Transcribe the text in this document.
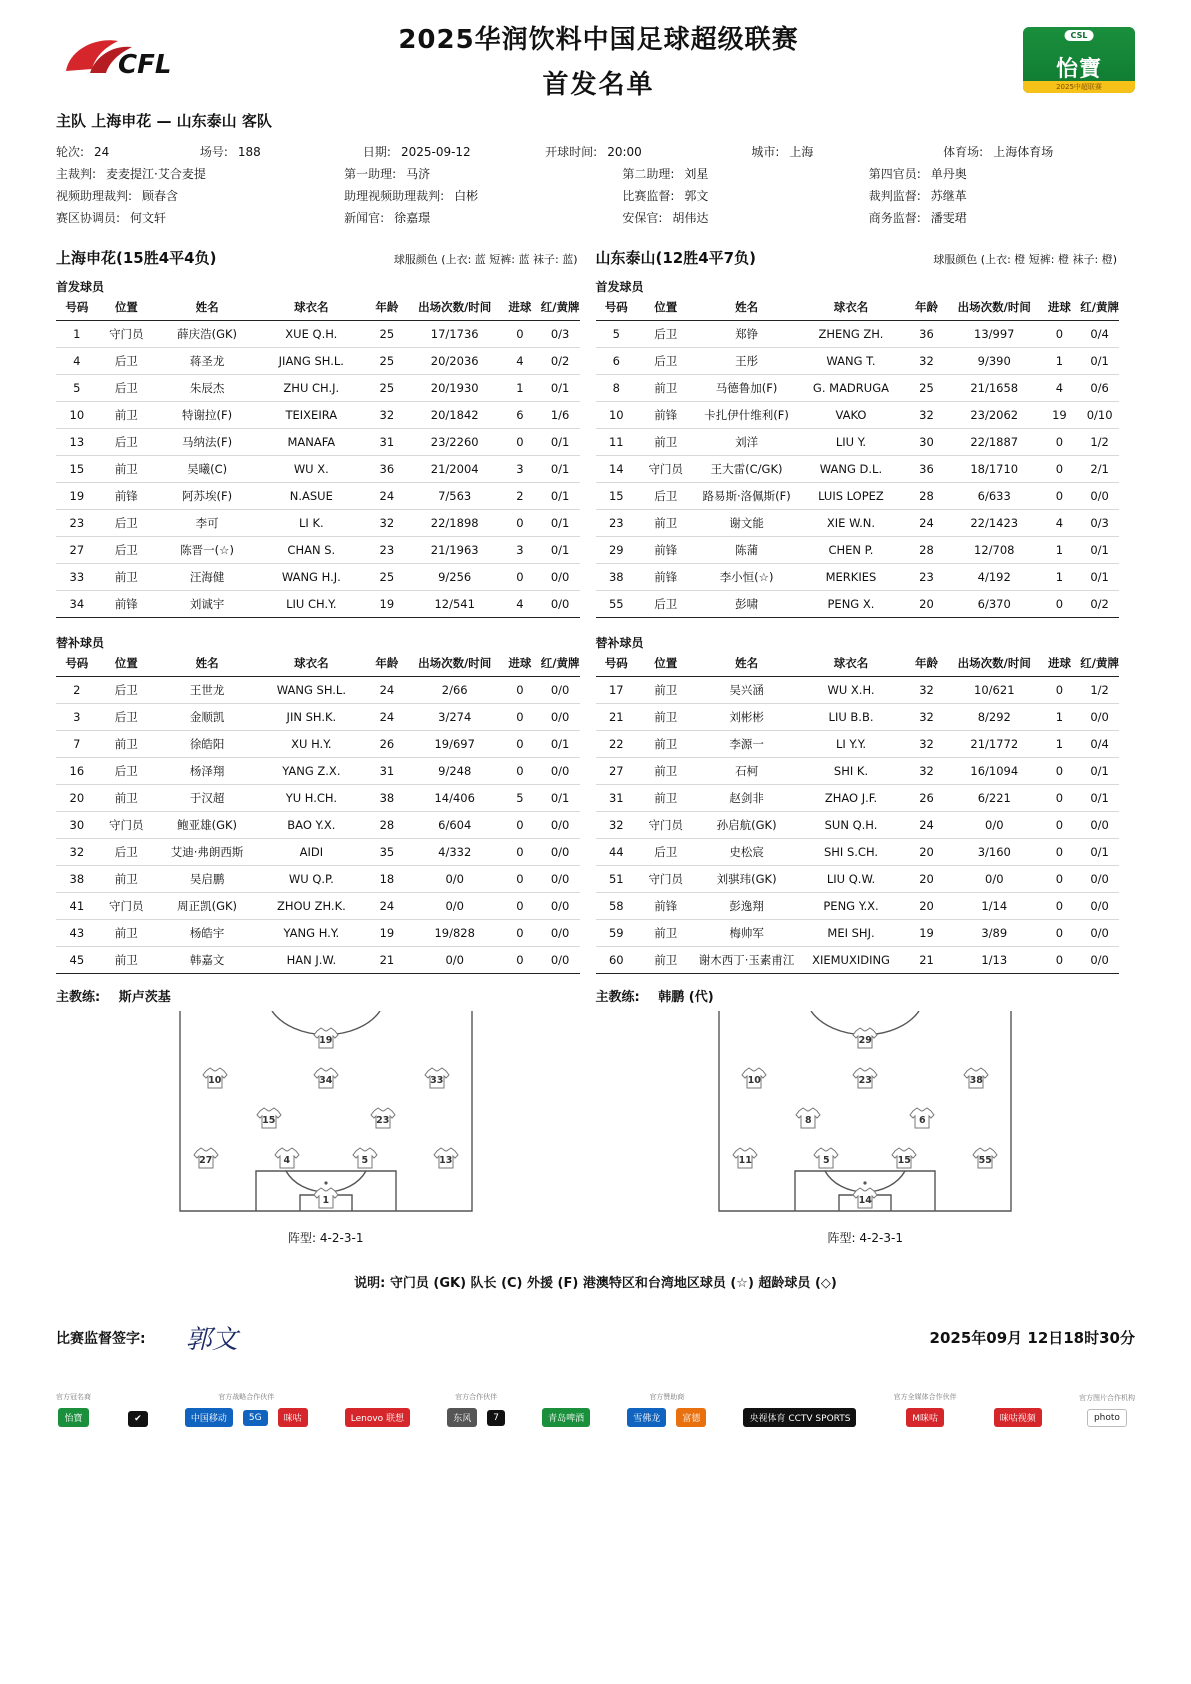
CFL
2025华润饮料中国足球超级联赛
首发名单
CSL
怡寶
2025中超联赛
主队 上海申花 — 山东泰山 客队
轮次: 24	场号: 188	日期: 2025-09-12	开球时间: 20:00	城市: 上海	体育场: 上海体育场
主裁判: 麦麦提江·艾合麦提	第一助理: 马济	第二助理: 刘星	第四官员: 单丹奥
视频助理裁判: 顾春含	助理视频助理裁判: 白彬	比赛监督: 郭文	裁判监督: 苏继革
赛区协调员: 何文轩	新闻官: 徐嘉璟	安保官: 胡伟达	商务监督: 潘雯珺
上海申花 (15胜4平4负)	球服颜色 (上衣: 蓝 短裤: 蓝 袜子: 蓝)	山东泰山 (12胜4平7负)	球服颜色 (上衣: 橙 短裤: 橙 袜子: 橙)
首发球员	首发球员
号码	位置	姓名	球衣名	年龄	出场次数/时间	进球	红/黄牌
1	守门员	薛庆浩(GK)	XUE Q.H.	25	17/1736	0	0/3
4	后卫	蒋圣龙	JIANG SH.L.	25	20/2036	4	0/2
5	后卫	朱辰杰	ZHU CH.J.	25	20/1930	1	0/1
10	前卫	特谢拉(F)	TEIXEIRA	32	20/1842	6	1/6
13	后卫	马纳法(F)	MANAFA	31	23/2260	0	0/1
15	前卫	吴曦(C)	WU X.	36	21/2004	3	0/1
19	前锋	阿苏埃(F)	N.ASUE	24	7/563	2	0/1
23	后卫	李可	LI K.	32	22/1898	0	0/1
27	后卫	陈晋一(☆)	CHAN S.	23	21/1963	3	0/1
33	前卫	汪海健	WANG H.J.	25	9/256	0	0/0
34	前锋	刘诚宇	LIU CH.Y.	19	12/541	4	0/0
号码	位置	姓名	球衣名	年龄	出场次数/时间	进球	红/黄牌
5	后卫	郑铮	ZHENG ZH.	36	13/997	0	0/4
6	后卫	王彤	WANG T.	32	9/390	1	0/1
8	前卫	马德鲁加(F)	G. MADRUGA	25	21/1658	4	0/6
10	前锋	卡扎伊什维利(F)	VAKO	32	23/2062	19	0/10
11	前卫	刘洋	LIU Y.	30	22/1887	0	1/2
14	守门员	王大雷(C/GK)	WANG D.L.	36	18/1710	0	2/1
15	后卫	路易斯·洛佩斯(F)	LUIS LOPEZ	28	6/633	0	0/0
23	前卫	谢文能	XIE W.N.	24	22/1423	4	0/3
29	前锋	陈蒲	CHEN P.	28	12/708	1	0/1
38	前锋	李小恒(☆)	MERKIES	23	4/192	1	0/1
55	后卫	彭啸	PENG X.	20	6/370	0	0/2
替补球员	替补球员
号码	位置	姓名	球衣名	年龄	出场次数/时间	进球	红/黄牌
2	后卫	王世龙	WANG SH.L.	24	2/66	0	0/0
3	后卫	金顺凯	JIN SH.K.	24	3/274	0	0/0
7	前卫	徐皓阳	XU H.Y.	26	19/697	0	0/1
16	后卫	杨泽翔	YANG Z.X.	31	9/248	0	0/0
20	前卫	于汉超	YU H.CH.	38	14/406	5	0/1
30	守门员	鲍亚雄(GK)	BAO Y.X.	28	6/604	0	0/0
32	后卫	艾迪·弗朗西斯	AIDI	35	4/332	0	0/0
38	前卫	吴启鹏	WU Q.P.	18	0/0	0	0/0
41	守门员	周正凯(GK)	ZHOU ZH.K.	24	0/0	0	0/0
43	前卫	杨皓宇	YANG H.Y.	19	19/828	0	0/0
45	前卫	韩嘉文	HAN J.W.	21	0/0	0	0/0
号码	位置	姓名	球衣名	年龄	出场次数/时间	进球	红/黄牌
17	前卫	吴兴涵	WU X.H.	32	10/621	0	1/2
21	前卫	刘彬彬	LIU B.B.	32	8/292	1	0/0
22	前卫	李源一	LI Y.Y.	32	21/1772	1	0/4
27	前卫	石柯	SHI K.	32	16/1094	0	0/1
31	前卫	赵剑非	ZHAO J.F.	26	6/221	0	0/1
32	守门员	孙启航(GK)	SUN Q.H.	24	0/0	0	0/0
44	后卫	史松宸	SHI S.CH.	20	3/160	0	0/1
51	守门员	刘骐玮(GK)	LIU Q.W.	20	0/0	0	0/0
58	前锋	彭逸翔	PENG Y.X.	20	1/14	0	0/0
59	前卫	梅帅军	MEI SHJ.	19	3/89	0	0/0
60	前卫	谢木西丁·玉素甫江	XIEMUXIDING	21	1/13	0	0/0
主教练: 斯卢茨基	主教练: 韩鹏 (代)
19
10	34	33
15	23
27	4	5	13
1
阵型: 4-2-3-1
29
10	23	38
8	6
11	5	15	55
14
阵型: 4-2-3-1
说明: 守门员 (GK) 队长 (C) 外援 (F) 港澳特区和台湾地区球员 (☆) 超龄球员 (◇)
比赛监督签字: 郭文	2025年09月 12日18时30分
官方冠名商
怡寶
	✔
官方战略合作伙伴
中国移动	5G	咪咕
	Lenovo 联想
官方合作伙伴
东风	7
	青岛啤酒
官方赞助商
雪佛龙	富德
	央视体育 CCTV SPORTS
官方全媒体合作伙伴
M咪咕
	咪咕视频
官方图片合作机构
photo
